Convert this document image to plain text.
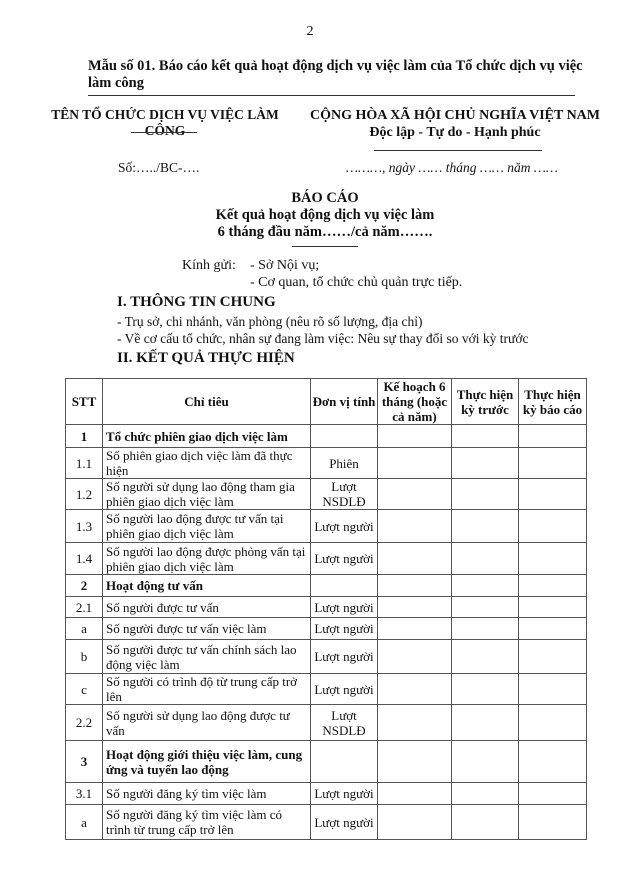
2
Mẫu số 01. Báo cáo kết quả hoạt động dịch vụ việc làm của Tổ chức dịch vụ việc làm công
TÊN TỔ CHỨC DỊCH VỤ VIỆC LÀM CÔNG
CỘNG HÒA XÃ HỘI CHỦ NGHĨA VIỆT NAM
Độc lập - Tự do - Hạnh phúc
Số:…../BC-….	………, ngày …… tháng …… năm ……
BÁO CÁO
Kết quả hoạt động dịch vụ việc làm
6 tháng đầu năm……/cả năm…….
Kính gửi: - Sở Nội vụ;
- Cơ quan, tổ chức chủ quản trực tiếp.
I. THÔNG TIN CHUNG
- Trụ sở, chi nhánh, văn phòng (nêu rõ số lượng, địa chỉ)
- Về cơ cấu tổ chức, nhân sự đang làm việc: Nêu sự thay đổi so với kỳ trước
II. KẾT QUẢ THỰC HIỆN
STT	Chỉ tiêu	Đơn vị tính	Kế hoạch 6 tháng (hoặc cả năm)	Thực hiện kỳ trước	Thực hiện kỳ báo cáo
1	Tổ chức phiên giao dịch việc làm				
1.1	Số phiên giao dịch việc làm đã thực hiện	Phiên			
1.2	Số người sử dụng lao động tham gia phiên giao dịch việc làm	Lượt NSDLĐ			
1.3	Số người lao động được tư vấn tại phiên giao dịch việc làm	Lượt người			
1.4	Số người lao động được phỏng vấn tại phiên giao dịch việc làm	Lượt người			
2	Hoạt động tư vấn				
2.1	Số người được tư vấn	Lượt người			
a	Số người được tư vấn việc làm	Lượt người			
b	Số người được tư vấn chính sách lao động việc làm	Lượt người			
c	Số người có trình độ từ trung cấp trở lên	Lượt người			
2.2	Số người sử dụng lao động được tư vấn	Lượt NSDLĐ			
3	Hoạt động giới thiệu việc làm, cung ứng và tuyển lao động				
3.1	Số người đăng ký tìm việc làm	Lượt người			
a	Số người đăng ký tìm việc làm có trình từ trung cấp trở lên	Lượt người			
